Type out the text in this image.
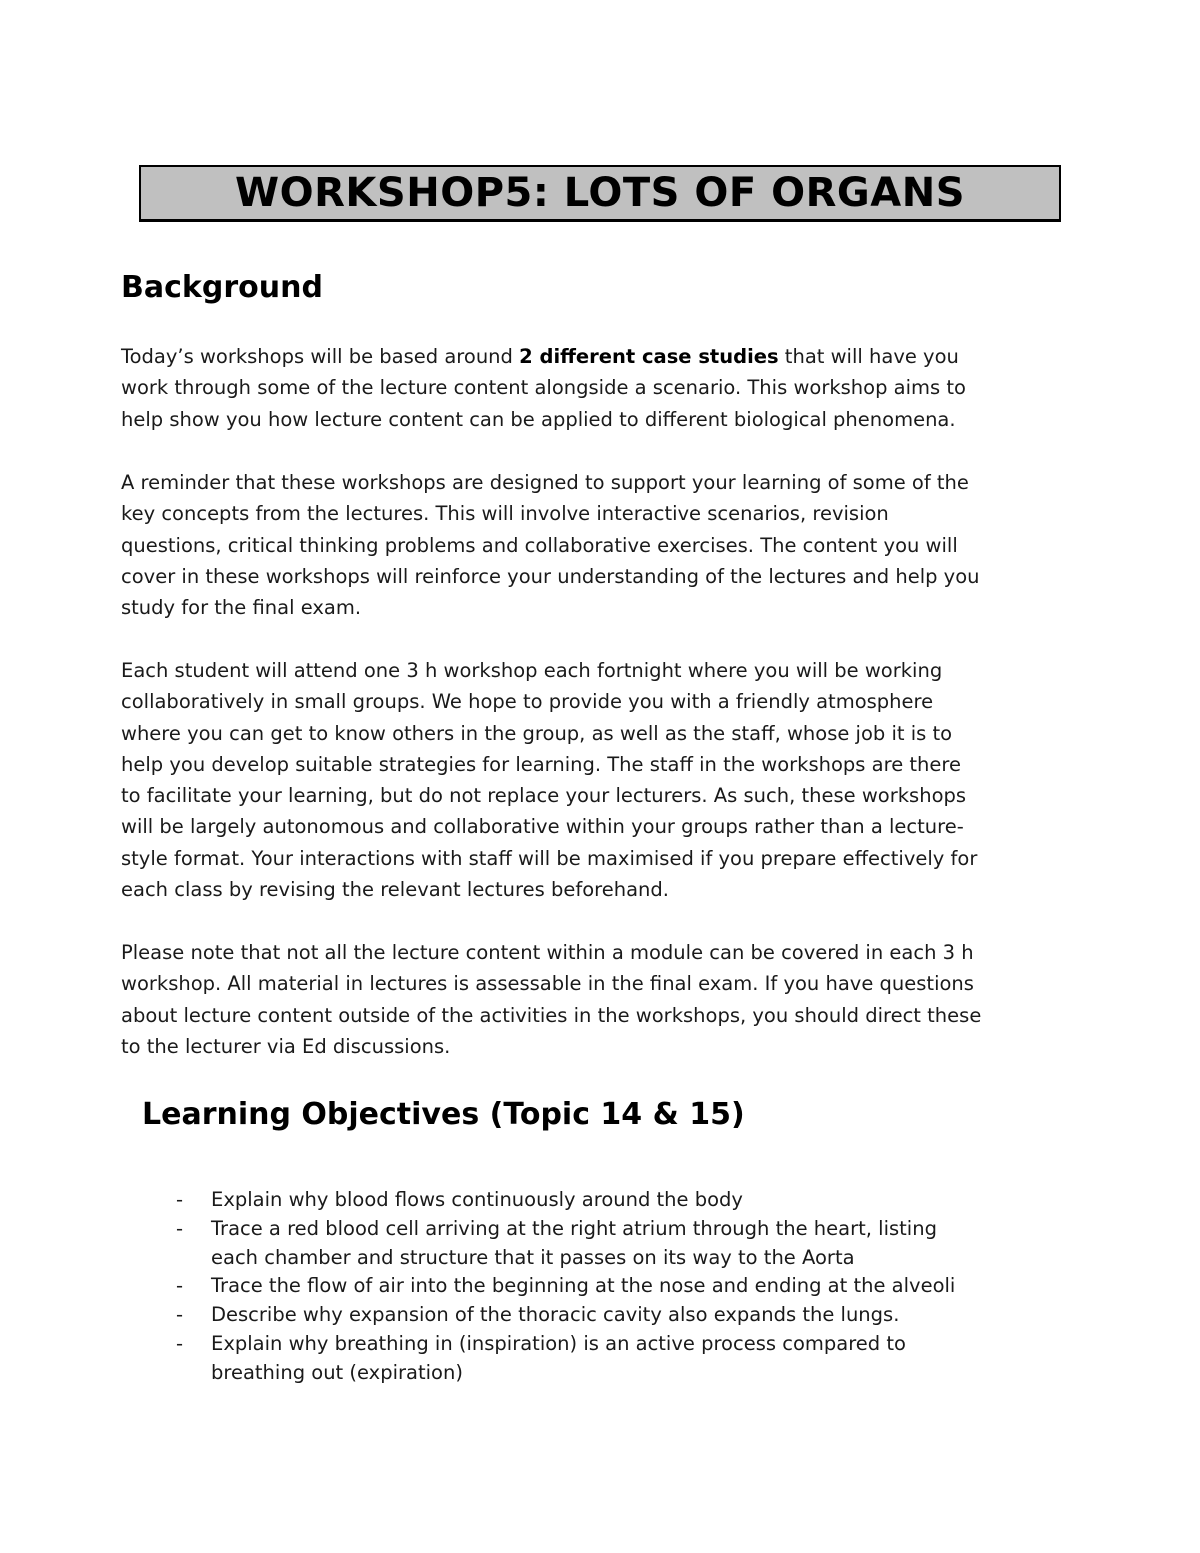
WORKSHOP5: LOTS OF ORGANS
Background

Today’s workshops will be based around 2 different case studies that will have you
work through some of the lecture content alongside a scenario. This workshop aims to
help show you how lecture content can be applied to different biological phenomena.

A reminder that these workshops are designed to support your learning of some of the
key concepts from the lectures. This will involve interactive scenarios, revision
questions, critical thinking problems and collaborative exercises. The content you will
cover in these workshops will reinforce your understanding of the lectures and help you
study for the final exam.

Each student will attend one 3 h workshop each fortnight where you will be working
collaboratively in small groups. We hope to provide you with a friendly atmosphere
where you can get to know others in the group, as well as the staff, whose job it is to
help you develop suitable strategies for learning. The staff in the workshops are there
to facilitate your learning, but do not replace your lecturers. As such, these workshops
will be largely autonomous and collaborative within your groups rather than a lecture-
style format. Your interactions with staff will be maximised if you prepare effectively for
each class by revising the relevant lectures beforehand.

Please note that not all the lecture content within a module can be covered in each 3 h
workshop. All material in lectures is assessable in the final exam. If you have questions
about lecture content outside of the activities in the workshops, you should direct these
to the lecturer via Ed discussions.

Learning Objectives (Topic 14 & 15)
- Explain why blood flows continuously around the body
- Trace a red blood cell arriving at the right atrium through the heart, listing
each chamber and structure that it passes on its way to the Aorta
- Trace the flow of air into the beginning at the nose and ending at the alveoli
- Describe why expansion of the thoracic cavity also expands the lungs.
- Explain why breathing in (inspiration) is an active process compared to
breathing out (expiration)
